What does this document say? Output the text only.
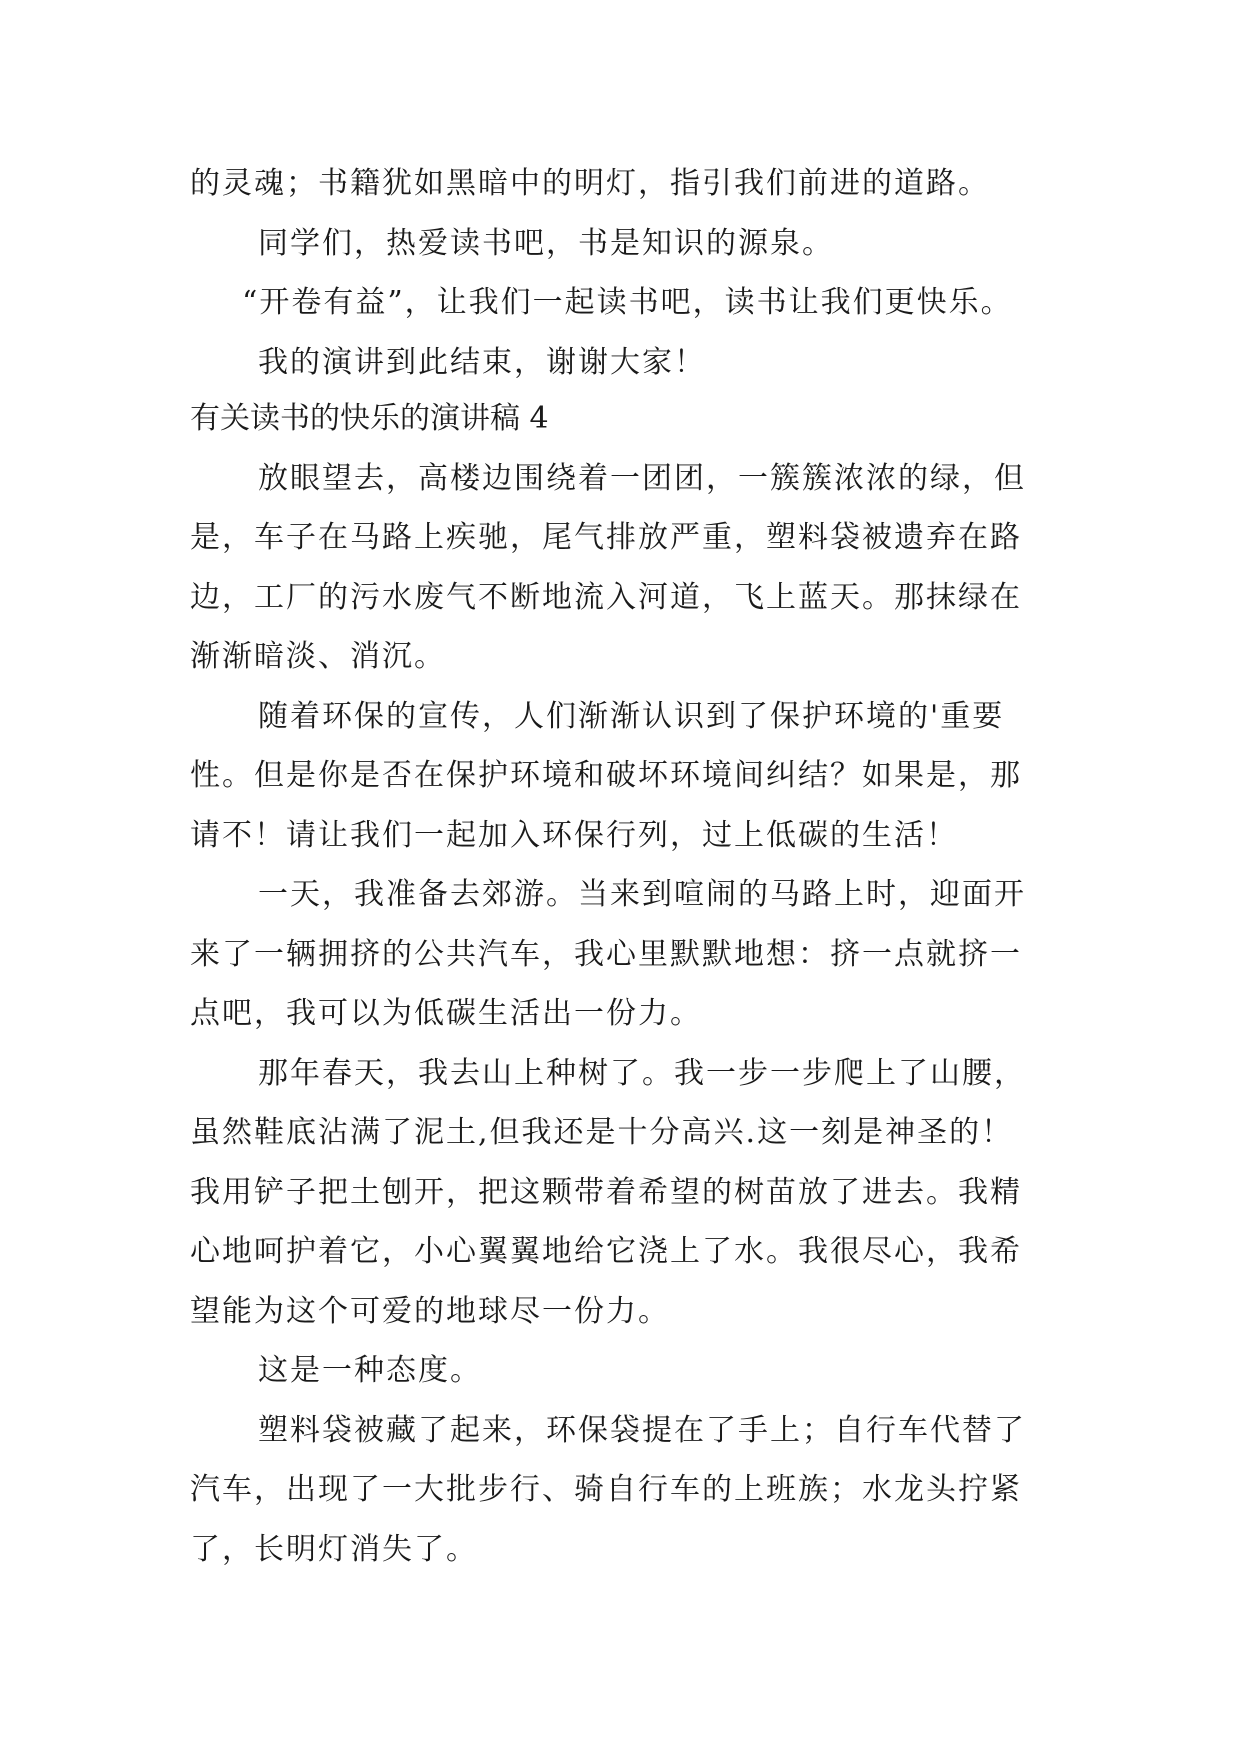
的灵魂；书籍犹如黑暗中的明灯，指引我们前进的道路。
同学们，热爱读书吧，书是知识的源泉。
“开卷有益”，让我们一起读书吧，读书让我们更快乐。
我的演讲到此结束，谢谢大家！
有关读书的快乐的演讲稿 4
放眼望去，高楼边围绕着一团团，一簇簇浓浓的绿，但
是，车子在马路上疾驰，尾气排放严重，塑料袋被遗弃在路
边，工厂的污水废气不断地流入河道，飞上蓝天。那抹绿在
渐渐暗淡、消沉。
随着环保的宣传，人们渐渐认识到了保护环境的'重要
性。但是你是否在保护环境和破坏环境间纠结？如果是，那
请不！请让我们一起加入环保行列，过上低碳的生活！
一天，我准备去郊游。当来到喧闹的马路上时，迎面开
来了一辆拥挤的公共汽车，我心里默默地想：挤一点就挤一
点吧，我可以为低碳生活出一份力。
那年春天，我去山上种树了。我一步一步爬上了山腰，
虽然鞋底沾满了泥土,但我还是十分高兴.这一刻是神圣的！
我用铲子把土刨开，把这颗带着希望的树苗放了进去。我精
心地呵护着它，小心翼翼地给它浇上了水。我很尽心，我希
望能为这个可爱的地球尽一份力。
这是一种态度。
塑料袋被藏了起来，环保袋提在了手上；自行车代替了
汽车，出现了一大批步行、骑自行车的上班族；水龙头拧紧
了，长明灯消失了。
